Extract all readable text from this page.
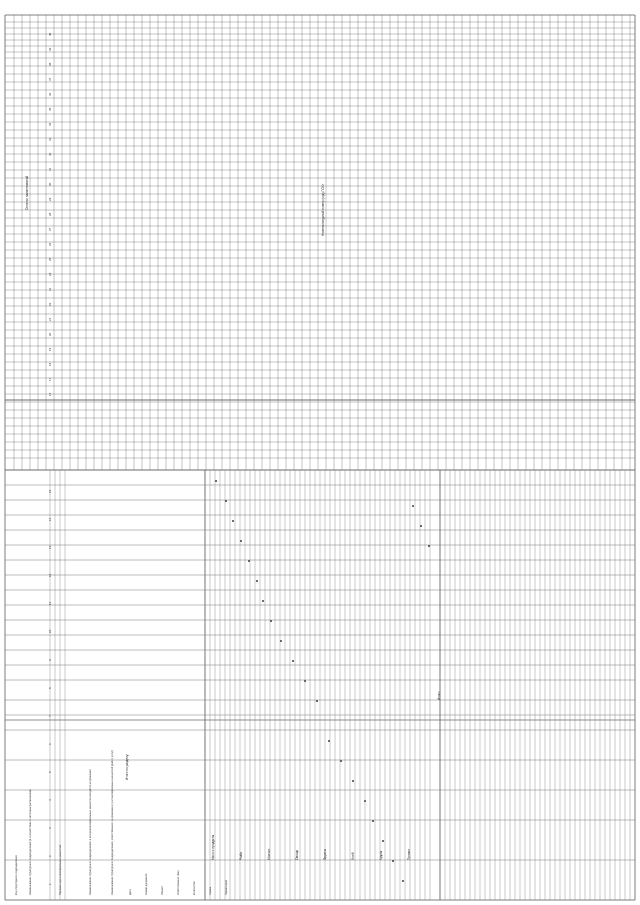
Номенклатурный номер (код) ГСКУ
Остатки наименований
Код структурного подразделения	Наименование структурного подразделения (в соответствии со штатным расписанием)	Приемка-сдача материальных ценностей	Наименование структурного подразделения, в котором материальные ценности находятся на хранении	Наименование структурного подразделения, ответственного за хранение и учет материальных ценностей (работ, услуг)	Дата	Номер документа	Объект	Ответственное лицо	Количество	Сумма	Примечание
1
2
3
4
5
6
7
8
9
10
11
12
13
14
15
16
17
18
19
20
21
22
23
24
25
26
27
28
29
30
31
32
33
34
35
36
37
38
39
40
Мясо и продукты	Рыба	Молоко	Овощи	Фрукты	Хлеб	Крупы	Прочие
Итого
Итого по разделу
